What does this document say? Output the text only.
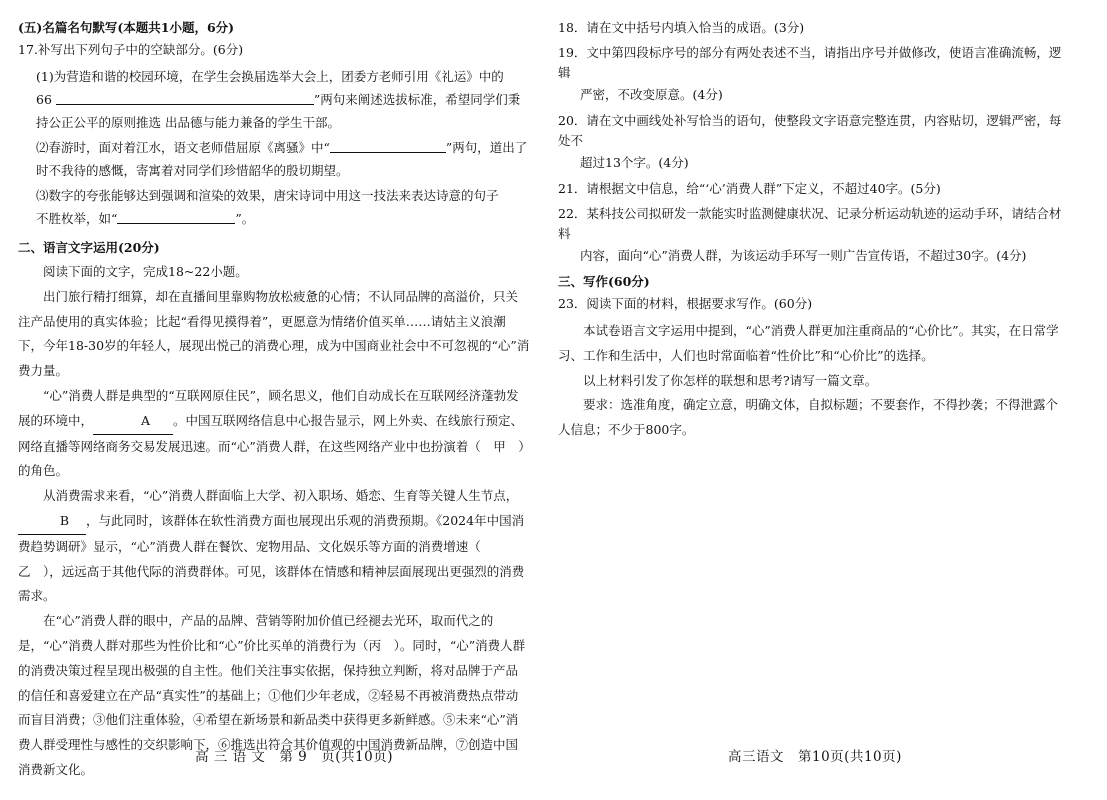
(五)名篇名句默写(本题共1小题，6分)

17.补写出下列句子中的空缺部分。(6分)

(1)为营造和谐的校园环境，在学生会换届选举大会上，团委方老师引用《礼运》中的
66	”两句来阐述选拔标准，希望同学们秉
持公正公平的原则推选 出品德与能力兼备的学生干部。
⑵春游时，面对着江水，语文老师借屈原《离骚》中“	”两句，道出了
时不我待的感慨，寄寓着对同学们珍惜韶华的殷切期望。
⑶数字的夸张能够达到强调和渲染的效果，唐宋诗词中用这一技法来表达诗意的句子
不胜枚举，如“	”。

二、语言文字运用(20分)

阅读下面的文字，完成18~22小题。

出门旅行精打细算，却在直播间里靠购物放松疲惫的心情；不认同品牌的高溢价，只关注产品使用的真实体验；比起“看得见摸得着”，更愿意为情绪价值买单……请姑主义浪潮下，今年18-30岁的年轻人，展现出悦己的消费心理，成为中国商业社会中不可忽视的“心”消费力量。

“心”消费人群是典型的“互联网原住民”，顾名思义，他们自动成长在互联网经济蓬勃发展的环境中，	A 。中国互联网络信息中心报告显示，网上外卖、在线旅行预定、网络直播等网络商务交易发展迅速。而“心”消费人群，在这些网络产业中也扮演着（　甲　）的角色。

从消费需求来看，“心”消费人群面临上大学、初入职场、婚恋、生育等关键人生节点，B ，与此同时，该群体在软性消费方面也展现出乐观的消费预期。《2024年中国消费趋势调研》显示，“心”消费人群在餐饮、宠物用品、文化娱乐等方面的消费增速（　乙　），远远高于其他代际的消费群体。可见，该群体在情感和精神层面展现出更强烈的消费需求。

在“心”消费人群的眼中，产品的品牌、营销等附加价值已经褪去光环，取而代之的是，“心”消费人群对那些为性价比和“心”价比买单的消费行为（丙　）。同时，“心”消费人群的消费决策过程呈现出极强的自主性。他们关注事实依据，保持独立判断，将对品牌于产品的信任和喜爱建立在产品“真实性”的基础上；①他们少年老成，②轻易不再被消费热点带动而盲目消费；③他们注重体验，④希望在新场景和新品类中获得更多新鲜感。⑤未来“心”消费人群受理性与感性的交织影响下，⑥推选出符合其价值观的中国消费新品牌，⑦创造中国消费新文化。

高 三 语 文　第 9　页(共10页)

18．请在文中括号内填入恰当的成语。(3分)

19．文中第四段标序号的部分有两处表述不当，请指出序号并做修改，使语言准确流畅，逻辑
严密，不改变原意。(4分)
20．请在文中画线处补写恰当的语句，使整段文字语意完整连贯，内容贴切，逻辑严密，每处不
超过13个字。(4分)

21．请根据文中信息，给“‘心’消费人群”下定义，不超过40字。(5分)

22．某科技公司拟研发一款能实时监测健康状况、记录分析运动轨迹的运动手环，请结合材料
内容，面向“心”消费人群，为该运动手环写一则广告宣传语，不超过30字。(4分)

三、写作(60分)

23．阅读下面的材料，根据要求写作。(60分)

本试卷语言文字运用中提到，“心”消费人群更加注重商品的“心价比”。其实，在日常学习、工作和生活中，人们也时常面临着“性价比”和“心价比”的选择。

以上材料引发了你怎样的联想和思考?请写一篇文章。

要求：选准角度，确定立意，明确文体，自拟标题；不要套作，不得抄袭；不得泄露个人信息；不少于800字。

高三语文　第10页(共10页)
